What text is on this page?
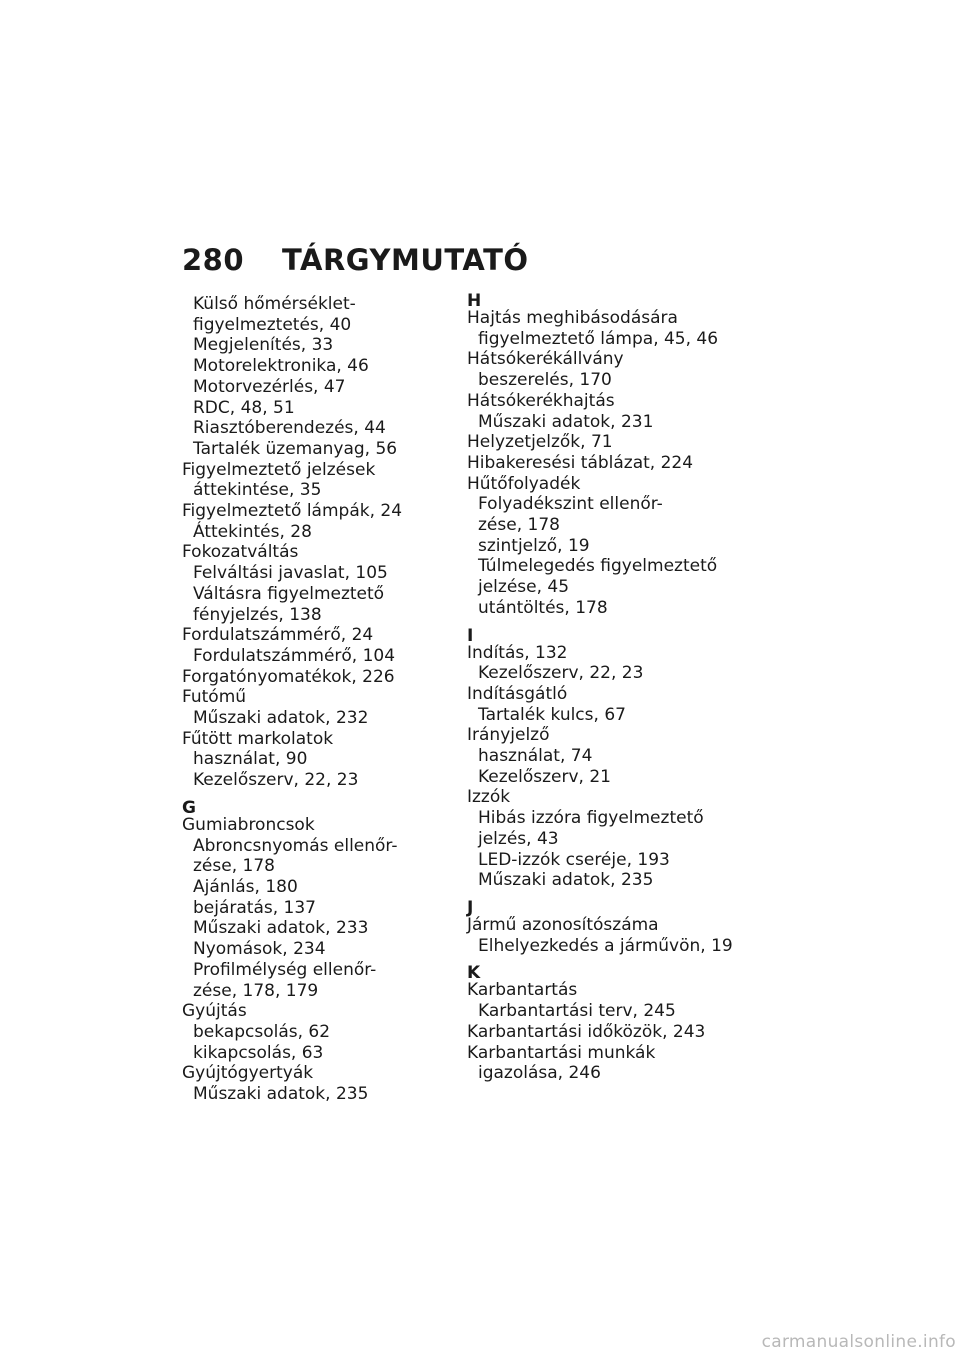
280	TÁRGYMUTATÓ
Külső hőmérséklet-
figyelmeztetés, 40
Megjelenítés, 33
Motorelektronika, 46
Motorvezérlés, 47
RDC, 48, 51
Riasztóberendezés, 44
Tartalék üzemanyag, 56
Figyelmeztető jelzések
áttekintése, 35
Figyelmeztető lámpák, 24
Áttekintés, 28
Fokozatváltás
Felváltási javaslat, 105
Váltásra figyelmeztető
fényjelzés, 138
Fordulatszámmérő, 24
Fordulatszámmérő, 104
Forgatónyomatékok, 226
Futómű
Műszaki adatok, 232
Fűtött markolatok
használat, 90
Kezelőszerv, 22, 23
G
Gumiabroncsok
Abroncsnyomás ellenőr-
zése, 178
Ajánlás, 180
bejáratás, 137
Műszaki adatok, 233
Nyomások, 234
Profilmélység ellenőr-
zése, 178, 179
Gyújtás
bekapcsolás, 62
kikapcsolás, 63
Gyújtógyertyák
Műszaki adatok, 235
H
Hajtás meghibásodására
figyelmeztető lámpa, 45, 46
Hátsókerékállvány
beszerelés, 170
Hátsókerékhajtás
Műszaki adatok, 231
Helyzetjelzők, 71
Hibakeresési táblázat, 224
Hűtőfolyadék
Folyadékszint ellenőr-
zése, 178
szintjelző, 19
Túlmelegedés figyelmeztető
jelzése, 45
utántöltés, 178
I
Indítás, 132
Kezelőszerv, 22, 23
Indításgátló
Tartalék kulcs, 67
Irányjelző
használat, 74
Kezelőszerv, 21
Izzók
Hibás izzóra figyelmeztető
jelzés, 43
LED-izzók cseréje, 193
Műszaki adatok, 235
J
Jármű azonosítószáma
Elhelyezkedés a járművön, 19
K
Karbantartás
Karbantartási terv, 245
Karbantartási időközök, 243
Karbantartási munkák
igazolása, 246
carmanualsonline.info
